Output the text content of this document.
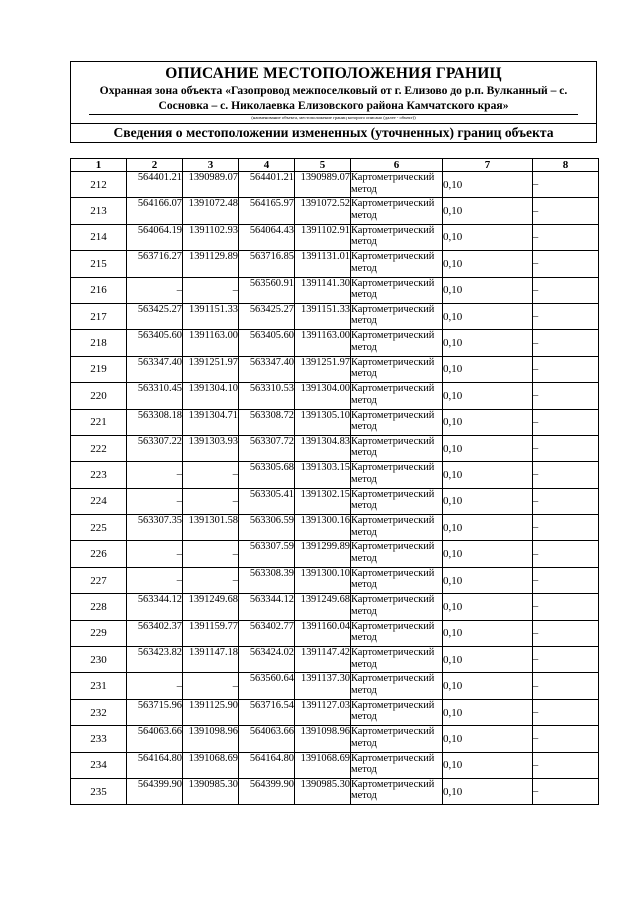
ОПИСАНИЕ МЕСТОПОЛОЖЕНИЯ ГРАНИЦ
Охранная зона объекта «Газопровод межпоселковый от г. Елизово до р.п. Вулканный – с.
Сосновка – с. Николаевка Елизовского района Камчатского края»
(наименование объекта, местоположение границ которого описано (далее - объект))
Сведения о местоположении измененных (уточненных) границ объекта
1	2	3	4	5	6	7	8
212	564401.21	1390989.07	564401.21	1390989.07	Картометрический метод	0,10	–
213	564166.07	1391072.48	564165.97	1391072.52	Картометрический метод	0,10	–
214	564064.19	1391102.93	564064.43	1391102.91	Картометрический метод	0,10	–
215	563716.27	1391129.89	563716.85	1391131.01	Картометрический метод	0,10	–
216	–	–	563560.91	1391141.30	Картометрический метод	0,10	–
217	563425.27	1391151.33	563425.27	1391151.33	Картометрический метод	0,10	–
218	563405.60	1391163.00	563405.60	1391163.00	Картометрический метод	0,10	–
219	563347.40	1391251.97	563347.40	1391251.97	Картометрический метод	0,10	–
220	563310.45	1391304.10	563310.53	1391304.00	Картометрический метод	0,10	–
221	563308.18	1391304.71	563308.72	1391305.10	Картометрический метод	0,10	–
222	563307.22	1391303.93	563307.72	1391304.83	Картометрический метод	0,10	–
223	–	–	563305.68	1391303.15	Картометрический метод	0,10	–
224	–	–	563305.41	1391302.15	Картометрический метод	0,10	–
225	563307.35	1391301.58	563306.59	1391300.16	Картометрический метод	0,10	–
226	–	–	563307.59	1391299.89	Картометрический метод	0,10	–
227	–	–	563308.39	1391300.10	Картометрический метод	0,10	–
228	563344.12	1391249.68	563344.12	1391249.68	Картометрический метод	0,10	–
229	563402.37	1391159.77	563402.77	1391160.04	Картометрический метод	0,10	–
230	563423.82	1391147.18	563424.02	1391147.42	Картометрический метод	0,10	–
231	–	–	563560.64	1391137.30	Картометрический метод	0,10	–
232	563715.96	1391125.90	563716.54	1391127.03	Картометрический метод	0,10	–
233	564063.66	1391098.96	564063.66	1391098.96	Картометрический метод	0,10	–
234	564164.80	1391068.69	564164.80	1391068.69	Картометрический метод	0,10	–
235	564399.90	1390985.30	564399.90	1390985.30	Картометрический метод	0,10	–
